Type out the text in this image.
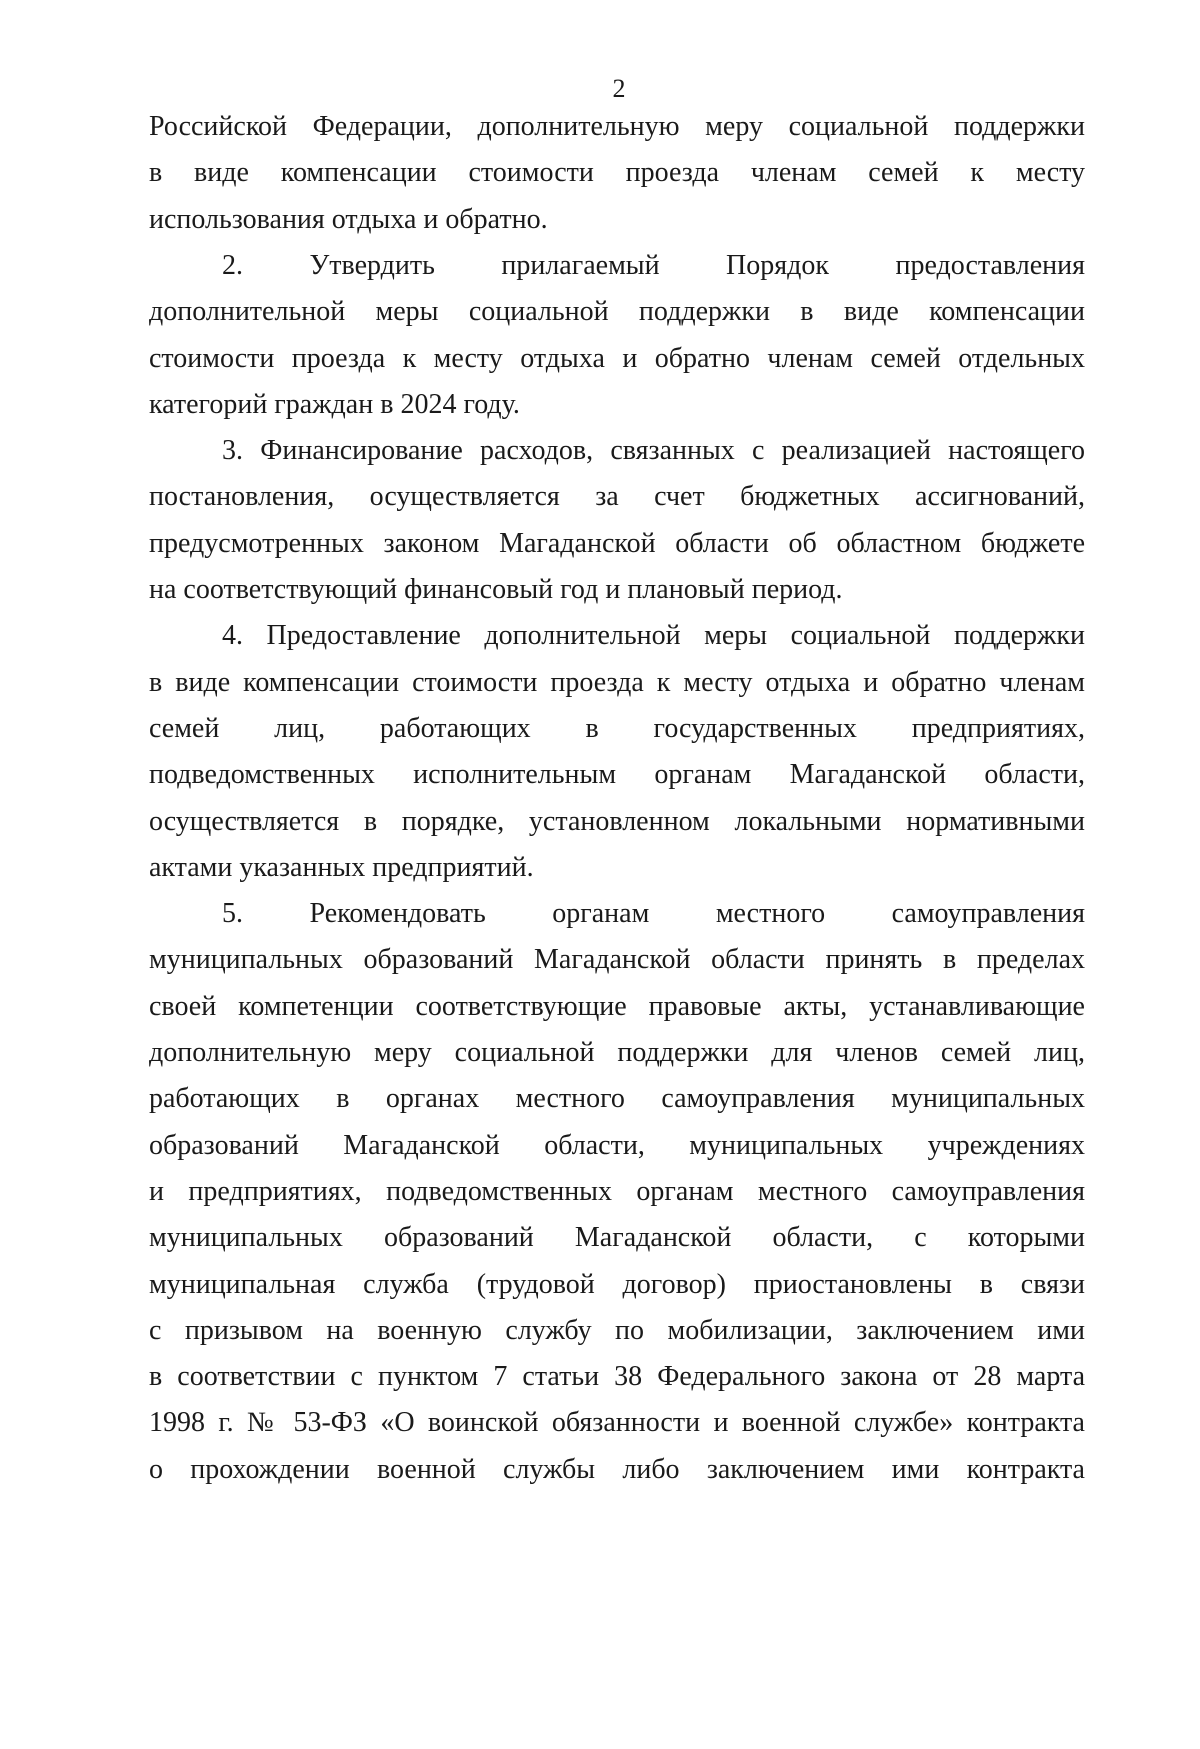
2
Российской Федерации, дополнительную меру социальной поддержки
в виде компенсации стоимости проезда членам семей к месту
использования отдыха и обратно.
2. Утвердить прилагаемый Порядок предоставления
дополнительной меры социальной поддержки в виде компенсации
стоимости проезда к месту отдыха и обратно членам семей отдельных
категорий граждан в 2024 году.
3. Финансирование расходов, связанных с реализацией настоящего
постановления, осуществляется за счет бюджетных ассигнований,
предусмотренных законом Магаданской области об областном бюджете
на соответствующий финансовый год и плановый период.
4. Предоставление дополнительной меры социальной поддержки
в виде компенсации стоимости проезда к месту отдыха и обратно членам
семей лиц, работающих в государственных предприятиях,
подведомственных исполнительным органам Магаданской области,
осуществляется в порядке, установленном локальными нормативными
актами указанных предприятий.
5. Рекомендовать органам местного самоуправления
муниципальных образований Магаданской области принять в пределах
своей компетенции соответствующие правовые акты, устанавливающие
дополнительную меру социальной поддержки для членов семей лиц,
работающих в органах местного самоуправления муниципальных
образований Магаданской области, муниципальных учреждениях
и предприятиях, подведомственных органам местного самоуправления
муниципальных образований Магаданской области, с которыми
муниципальная служба (трудовой договор) приостановлены в связи
с призывом на военную службу по мобилизации, заключением ими
в соответствии с пунктом 7 статьи 38 Федерального закона от 28 марта
1998 г. № 53-ФЗ «О воинской обязанности и военной службе» контракта
о прохождении военной службы либо заключением ими контракта
